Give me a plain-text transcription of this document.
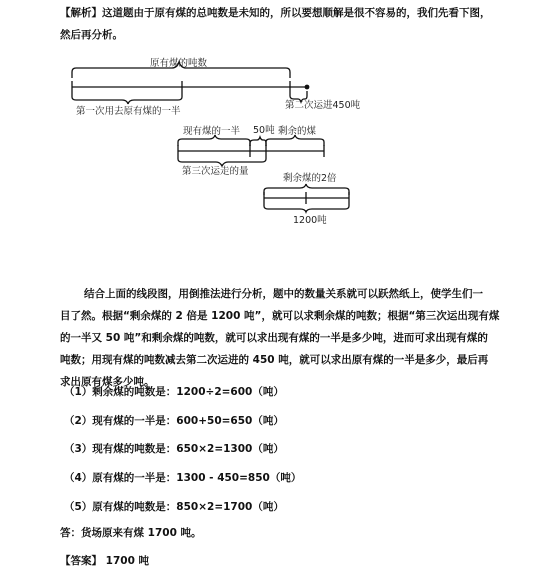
【解析】这道题由于原有煤的总吨数是未知的，所以要想顺解是很不容易的，我们先看下图，
然后再分析。

原有煤的吨数
第一次用去原有煤的一半
第二次运进450吨
现有煤的一半 50吨 剩余的煤
第三次运走的量
剩余煤的2倍
1200吨

结合上面的线段图，用倒推法进行分析，题中的数量关系就可以跃然纸上，使学生们一
目了然。根据“剩余煤的 2 倍是 1200 吨”，就可以求剩余煤的吨数；根据“第三次运出现有煤
的一半又 50 吨”和剩余煤的吨数，就可以求出现有煤的一半是多少吨，进而可求出现有煤的
吨数；用现有煤的吨数减去第二次运进的 450 吨，就可以求出原有煤的一半是多少，最后再
求出原有煤多少吨。

（1）剩余煤的吨数是：1200÷2=600（吨）
（2）现有煤的一半是：600+50=650（吨）
（3）现有煤的吨数是：650×2=1300（吨）
（4）原有煤的一半是：1300 - 450=850（吨）
（5）原有煤的吨数是：850×2=1700（吨）
答：货场原来有煤 1700 吨。
【答案】 1700 吨
